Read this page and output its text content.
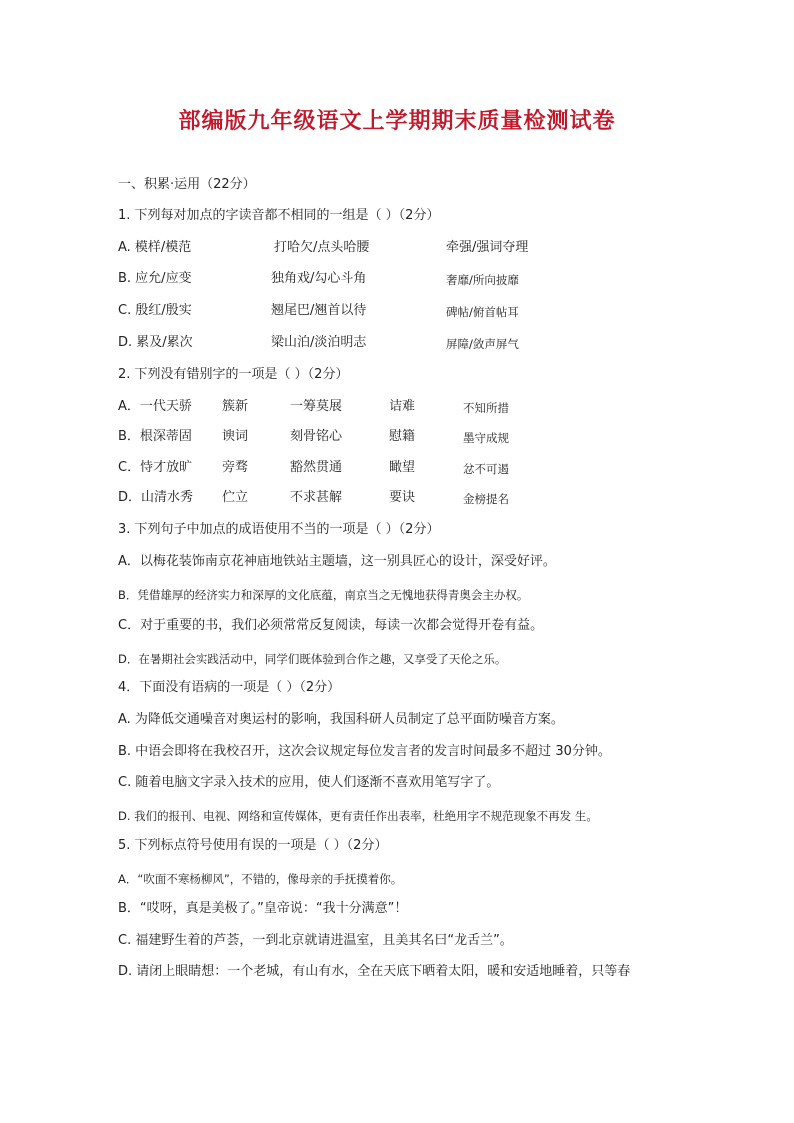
部编版九年级语文上学期期末质量检测试卷
一、积累·运用（22分）
1. 下列每对加点的字读音都不相同的一组是（ ）（2分）
A. 模样/模范	打哈欠/点头哈腰	牵强/强词夺理
B. 应允/应变	独角戏/勾心斗角	奢靡/所向披靡
C. 殷红/殷实	翘尾巴/翘首以待	碑帖/俯首帖耳
D. 累及/累次	梁山泊/淡泊明志	屏障/敛声屏气
2. 下列没有错别字的一项是（ ）（2分）
A．一代天骄 簇新	一筹莫展	诘难	不知所措
B．根深蒂固 谀词	刻骨铭心	慰籍	墨守成规
C．恃才放旷 旁骛	豁然贯通	瞰望	忿不可遏
D．山清水秀 伫立	不求甚解	要诀	金榜提名
3. 下列句子中加点的成语使用不当的一项是（ ）（2分）
A．以梅花装饰南京花神庙地铁站主题墙，这一别具匠心的设计，深受好评。
B．凭借雄厚的经济实力和深厚的文化底蕴，南京当之无愧地获得青奥会主办权。
C．对于重要的书，我们必须常常反复阅读，每读一次都会觉得开卷有益。
D．在暑期社会实践活动中，同学们既体验到合作之趣，又享受了天伦之乐。
4．下面没有语病的一项是（ ）（2分）
A. 为降低交通噪音对奥运村的影响，我国科研人员制定了总平面防噪音方案。
B. 中语会即将在我校召开，这次会议规定每位发言者的发言时间最多不超过 30分钟。
C. 随着电脑文字录入技术的应用，使人们逐渐不喜欢用笔写字了。
D. 我们的报刊、电视、网络和宣传媒体，更有责任作出表率，杜绝用字不规范现象不再发 生。
5. 下列标点符号使用有误的一项是（ ）（2分）
A．“吹面不寒杨柳风”，不错的，像母亲的手抚摸着你。
B．“哎呀，真是美极了。”皇帝说：“我十分满意”！
C. 福建野生着的芦荟，一到北京就请进温室，且美其名曰“龙舌兰”。
D. 请闭上眼睛想：一个老城，有山有水，全在天底下晒着太阳，暖和安适地睡着，只等春
